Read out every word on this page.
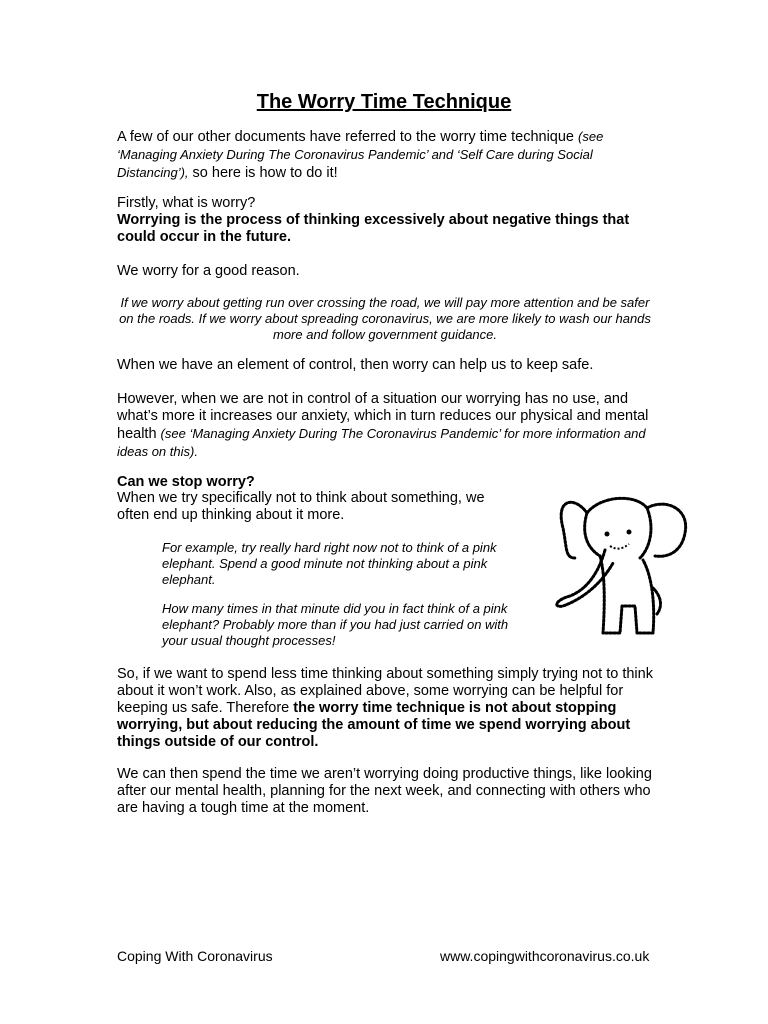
The Worry Time Technique
A few of our other documents have referred to the worry time technique (see ‘Managing Anxiety During The Coronavirus Pandemic’ and ‘Self Care during Social Distancing’), so here is how to do it!
Firstly, what is worry?
Worrying is the process of thinking excessively about negative things that could occur in the future.
We worry for a good reason.
If we worry about getting run over crossing the road, we will pay more attention and be safer on the roads. If we worry about spreading coronavirus, we are more likely to wash our hands more and follow government guidance.
When we have an element of control, then worry can help us to keep safe.
However, when we are not in control of a situation our worrying has no use, and what’s more it increases our anxiety, which in turn reduces our physical and mental health (see ‘Managing Anxiety During The Coronavirus Pandemic’ for more information and ideas on this).
Can we stop worry?
When we try specifically not to think about something, we often end up thinking about it more.
For example, try really hard right now not to think of a pink elephant. Spend a good minute not thinking about a pink elephant.
How many times in that minute did you in fact think of a pink elephant? Probably more than if you had just carried on with your usual thought processes!
So, if we want to spend less time thinking about something simply trying not to think about it won’t work. Also, as explained above, some worrying can be helpful for keeping us safe. Therefore the worry time technique is not about stopping worrying, but about reducing the amount of time we spend worrying about things outside of our control.
We can then spend the time we aren’t worrying doing productive things, like looking after our mental health, planning for the next week, and connecting with others who are having a tough time at the moment.
Coping With Coronavirus	www.copingwithcoronavirus.co.uk
